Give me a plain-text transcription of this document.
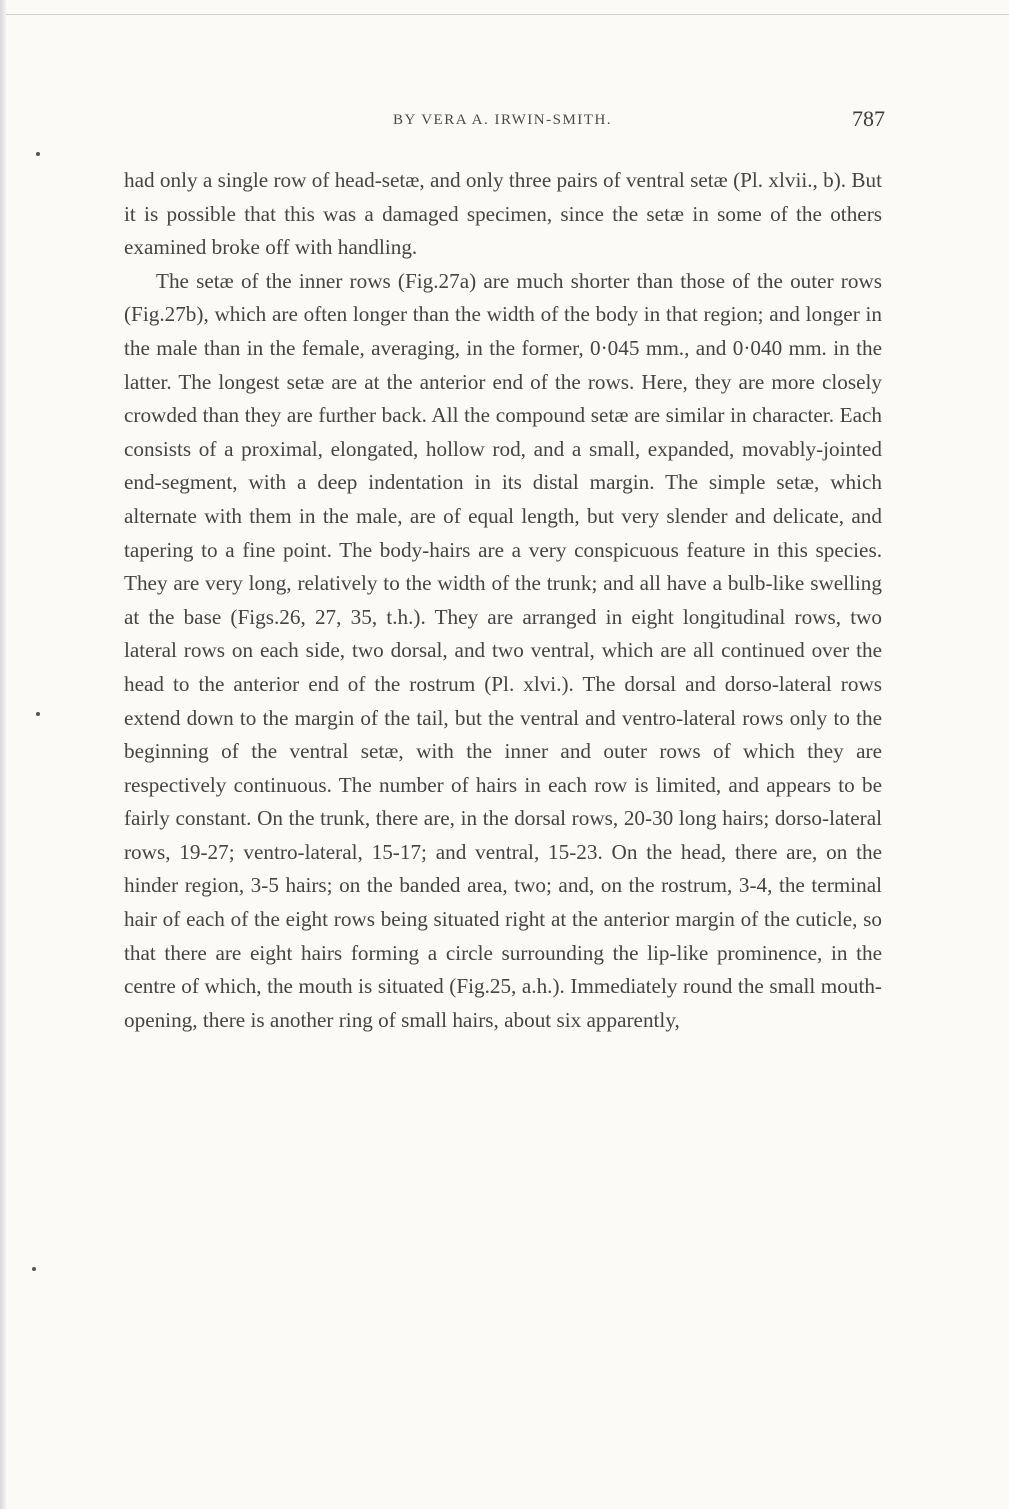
BY VERA A. IRWIN-SMITH.	787

had only a single row of head-setæ, and only three pairs of ventral setæ (Pl. xlvii., b). But it is possible that this was a damaged specimen, since the setæ in some of the others examined broke off with handling.

The setæ of the inner rows (Fig.27a) are much shorter than those of the outer rows (Fig.27b), which are often longer than the width of the body in that region; and longer in the male than in the female, averaging, in the former, 0·045 mm., and 0·040 mm. in the latter. The longest setæ are at the anterior end of the rows. Here, they are more closely crowded than they are further back. All the compound setæ are similar in character. Each consists of a proximal, elongated, hollow rod, and a small, expanded, movably-jointed end-segment, with a deep indentation in its distal margin. The simple setæ, which alternate with them in the male, are of equal length, but very slender and delicate, and tapering to a fine point. The body-hairs are a very conspicuous feature in this species. They are very long, relatively to the width of the trunk; and all have a bulb-like swelling at the base (Figs.26, 27, 35, t.h.). They are arranged in eight longitudinal rows, two lateral rows on each side, two dorsal, and two ventral, which are all continued over the head to the anterior end of the rostrum (Pl. xlvi.). The dorsal and dorso-lateral rows extend down to the margin of the tail, but the ventral and ventro-lateral rows only to the beginning of the ventral setæ, with the inner and outer rows of which they are respectively continuous. The number of hairs in each row is limited, and appears to be fairly constant. On the trunk, there are, in the dorsal rows, 20-30 long hairs; dorso-lateral rows, 19-27; ventro-lateral, 15-17; and ventral, 15-23. On the head, there are, on the hinder region, 3-5 hairs; on the banded area, two; and, on the rostrum, 3-4, the terminal hair of each of the eight rows being situated right at the anterior margin of the cuticle, so that there are eight hairs forming a circle surrounding the lip-like prominence, in the centre of which, the mouth is situated (Fig.25, a.h.). Immediately round the small mouth-opening, there is another ring of small hairs, about six apparently,
